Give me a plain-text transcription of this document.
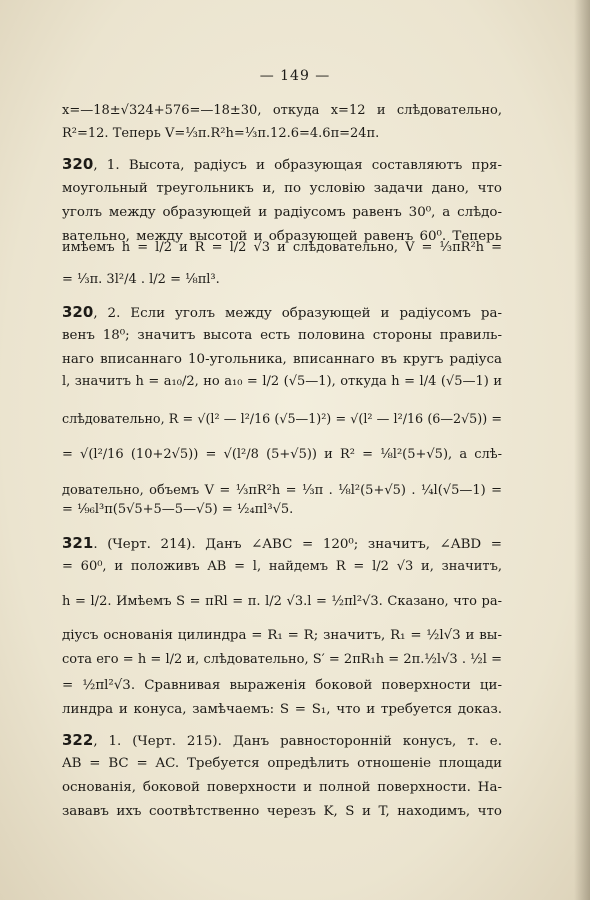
— 149 —
x=—18±√324+576=—18±30, откуда x=12 и слѣдовательно,
R²=12. Теперь V=⅓π.R²h=⅓π.12.6=4.6π=24π.
320, 1. Высота, радіусъ и образующая составляютъ пря-
моугольный треугольникъ и, по условію задачи дано, что
уголъ между образующей и радіусомъ равенъ 30⁰, а слѣдо-
вательно, между высотой и образующей равенъ 60⁰. Теперь
имѣемъ h = l/2 и R = l/2 √3 и слѣдовательно, V = ⅓πR²h =
= ⅓π. 3l²/4 . l/2 = ⅛πl³.
320, 2. Если уголъ между образующей и радіусомъ ра-
венъ 18⁰; значитъ высота есть половина стороны правиль-
наго вписаннаго 10-угольника, вписаннаго въ кругъ радіуса
l, значитъ h = a₁₀/2, но a₁₀ = l/2 (√5—1), откуда h = l/4 (√5—1) и
слѣдовательно, R = √(l² — l²/16 (√5—1)²) = √(l² — l²/16 (6—2√5)) =
= √(l²/16 (10+2√5)) = √(l²/8 (5+√5)) и R² = ⅛l²(5+√5), а слѣ-
довательно, объемъ V = ⅓πR²h = ⅓π . ⅛l²(5+√5) . ¼l(√5—1) =
= ¹⁄₉₆l³π(5√5+5—5—√5) = ¹⁄₂₄πl³√5.
321. (Черт. 214). Данъ ∠ABC = 120⁰; значитъ, ∠ABD =
= 60⁰, и положивъ AB = l, найдемъ R = l/2 √3 и, значитъ,
h = l/2. Имѣемъ S = πRl = π. l/2 √3.l = ½πl²√3. Сказано, что ра-
діусъ основанія цилиндра = R₁ = R; значитъ, R₁ = ½l√3 и вы-
сота его = h = l/2 и, слѣдовательно, S′ = 2πR₁h = 2π.½l√3 . ½l =
= ½πl²√3. Сравнивая выраженія боковой поверхности ци-
линдра и конуса, замѣчаемъ: S = S₁, что и требуется доказ.
322, 1. (Черт. 215). Данъ равносторонній конусъ, т. е.
AB = BC = AC. Требуется опредѣлить отношеніе площади
основанія, боковой поверхности и полной поверхности. На-
зававъ ихъ соотвѣтственно черезъ K, S и T, находимъ, что
